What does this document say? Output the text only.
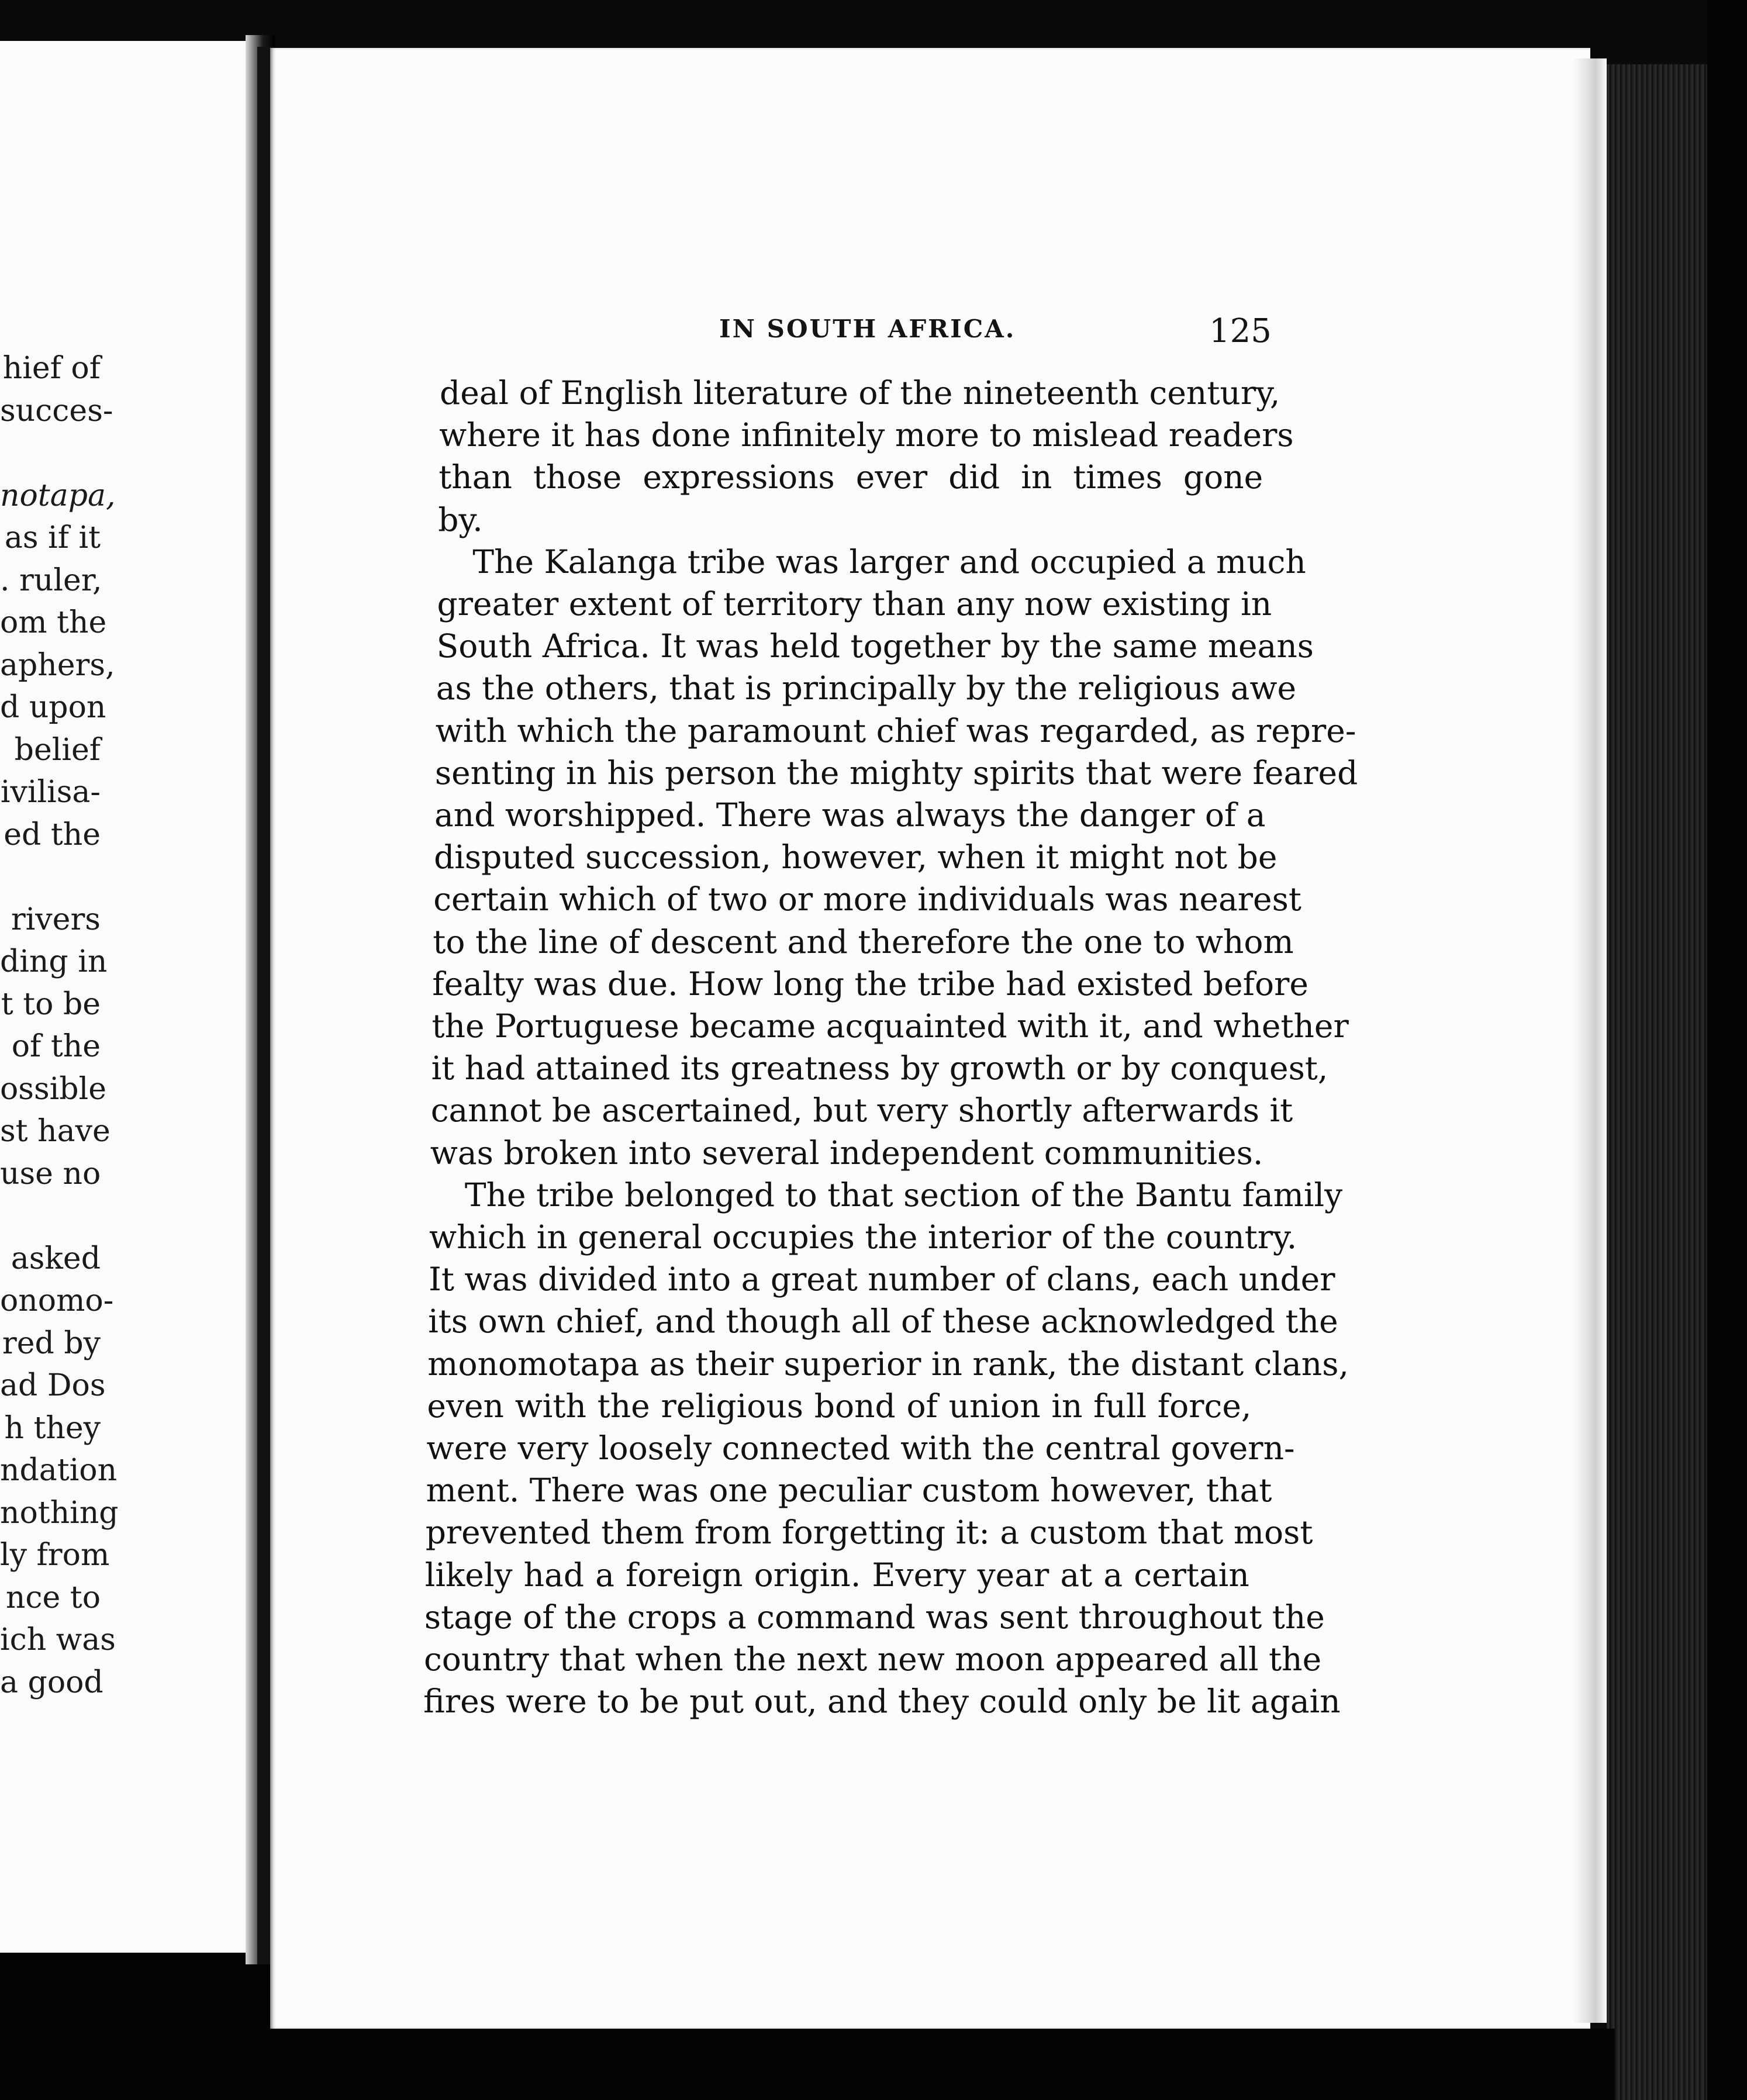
hief of
succes-
notapa,
as if it
. ruler,
om the
aphers,
d upon
belief
ivilisa-
ed the
rivers
ding in
t to be
of the
ossible
st have
use no
asked
onomo-
red by
ad Dos
h they
ndation
nothing
ly from
nce to
ich was
a good
IN SOUTH AFRICA.	125
deal of English literature of the nineteenth century,
where it has done infinitely more to mislead readers
than those expressions ever did in times gone
by.
The Kalanga tribe was larger and occupied a much
greater extent of territory than any now existing in
South Africa. It was held together by the same means
as the others, that is principally by the religious awe
with which the paramount chief was regarded, as repre-
senting in his person the mighty spirits that were feared
and worshipped. There was always the danger of a
disputed succession, however, when it might not be
certain which of two or more individuals was nearest
to the line of descent and therefore the one to whom
fealty was due. How long the tribe had existed before
the Portuguese became acquainted with it, and whether
it had attained its greatness by growth or by conquest,
cannot be ascertained, but very shortly afterwards it
was broken into several independent communities.
The tribe belonged to that section of the Bantu family
which in general occupies the interior of the country.
It was divided into a great number of clans, each under
its own chief, and though all of these acknowledged the
monomotapa as their superior in rank, the distant clans,
even with the religious bond of union in full force,
were very loosely connected with the central govern-
ment. There was one peculiar custom however, that
prevented them from forgetting it: a custom that most
likely had a foreign origin. Every year at a certain
stage of the crops a command was sent throughout the
country that when the next new moon appeared all the
fires were to be put out, and they could only be lit again
